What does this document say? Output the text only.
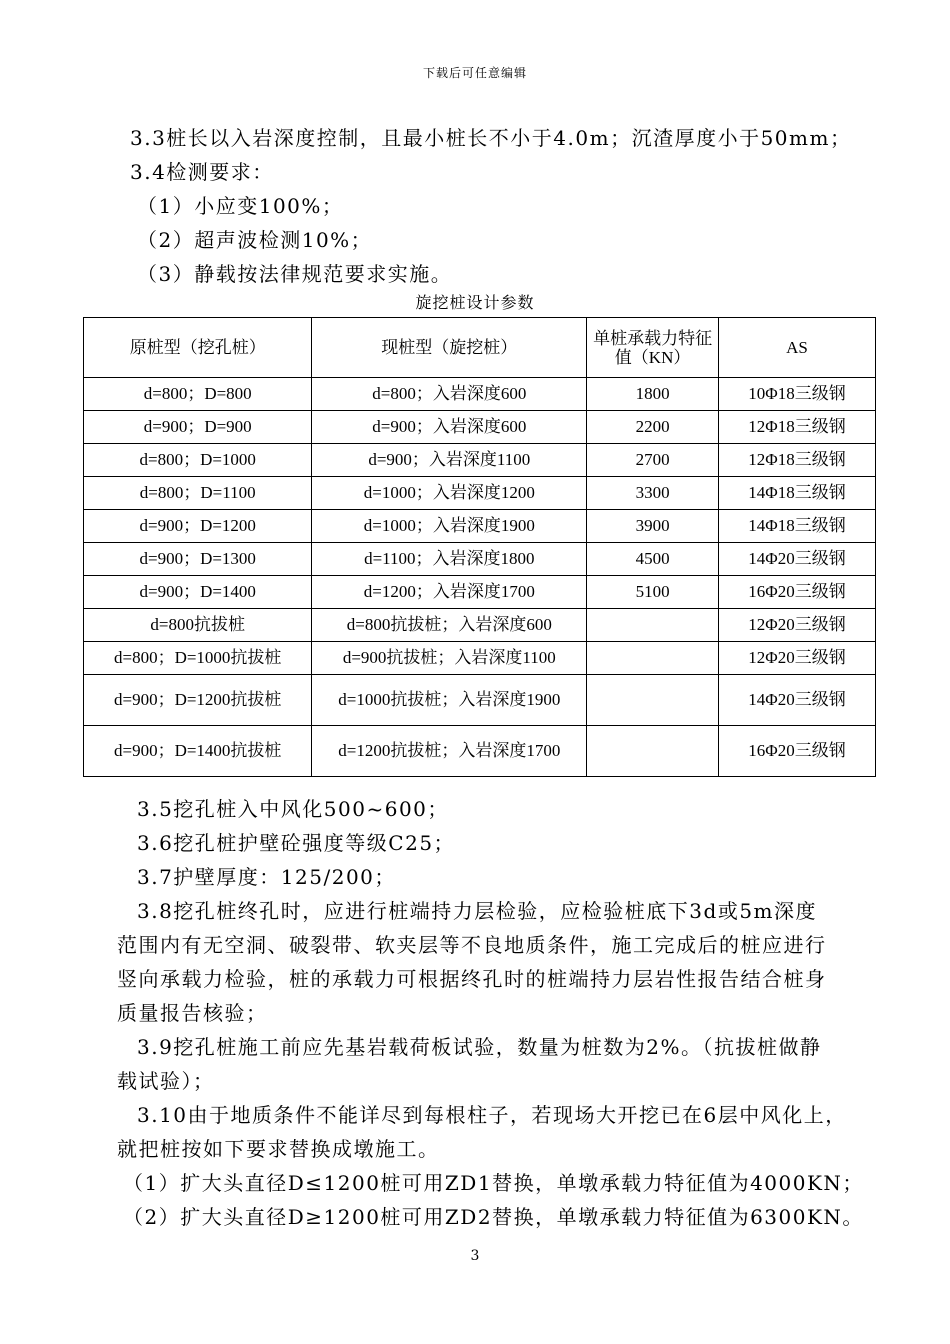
下载后可任意编辑
3.3桩长以入岩深度控制，且最小桩长不小于4.0m；沉渣厚度小于50mm；
3.4检测要求：
（1）小应变100%；
（2）超声波检测10%；
（3）静载按法律规范要求实施。
旋挖桩设计参数
原桩型（挖孔桩）	现桩型（旋挖桩）	单桩承载力特征值（KN）	AS
d=800；D=800	d=800；入岩深度600	1800	10Φ18三级钢
d=900；D=900	d=900；入岩深度600	2200	12Φ18三级钢
d=800；D=1000	d=900；入岩深度1100	2700	12Φ18三级钢
d=800；D=1100	d=1000；入岩深度1200	3300	14Φ18三级钢
d=900；D=1200	d=1000；入岩深度1900	3900	14Φ18三级钢
d=900；D=1300	d=1100；入岩深度1800	4500	14Φ20三级钢
d=900；D=1400	d=1200；入岩深度1700	5100	16Φ20三级钢
d=800抗拔桩	d=800抗拔桩；入岩深度600		12Φ20三级钢
d=800；D=1000抗拔桩	d=900抗拔桩；入岩深度1100		12Φ20三级钢
d=900；D=1200抗拔桩	d=1000抗拔桩；入岩深度1900		14Φ20三级钢
d=900；D=1400抗拔桩	d=1200抗拔桩；入岩深度1700		16Φ20三级钢
3.5挖孔桩入中风化500~600；
3.6挖孔桩护壁砼强度等级C25；
3.7护壁厚度：125/200；
3.8挖孔桩终孔时，应进行桩端持力层检验，应检验桩底下3d或5m深度
范围内有无空洞、破裂带、软夹层等不良地质条件，施工完成后的桩应进行
竖向承载力检验，桩的承载力可根据终孔时的桩端持力层岩性报告结合桩身
质量报告核验；
3.9挖孔桩施工前应先基岩载荷板试验，数量为桩数为2%。（抗拔桩做静
载试验）；
3.10由于地质条件不能详尽到每根柱子，若现场大开挖已在6层中风化上，
就把桩按如下要求替换成墩施工。
（1）扩大头直径D≤1200桩可用ZD1替换，单墩承载力特征值为4000KN；
（2）扩大头直径D≥1200桩可用ZD2替换，单墩承载力特征值为6300KN。
3
